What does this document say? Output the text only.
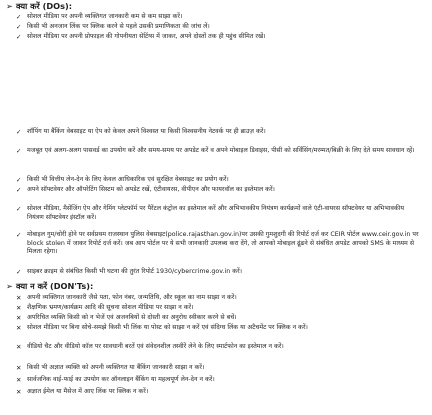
➢ क्या करें (DOs):
✓ सोशल मीडिया पर अपनी व्यक्तिगत जानकारी कम से कम साझा करें।
✓ किसी भी अनजान लिंक पर क्लिक करने से पहले उसकी प्रमाणिकता की जांच लें।
✓ सोशल मीडिया पर अपनी प्रोफाइल की गोपनीयता सेटिंग्स में जाकर, अपने दोस्तों तक ही पहुंच सीमित रखें।
✓ शॉपिंग या बैंकिंग वेबसाइट या ऐप को केवल अपने विश्वस्त या किसी विश्वसनीय नेटवर्क पर ही ब्राउज़ करें।
✓ मजबूत एवं अलग-अलग पासवर्ड का उपयोग करें और समय-समय पर अपडेट करें व अपने मोबाइल डिवाइस, पीसी को सर्विसिंग/मरम्मत/बिक्री के लिए देते समय सावधान रहें।
✓ किसी भी वित्तीय लेन-देन के लिए केवल आधिकारिक एवं सुरक्षित वेबसाइट का प्रयोग करें।
✓ अपने सॉफ्टवेयर और ऑपरेटिंग सिस्टम को अपडेट रखें, एंटीवायरस, वीपीएन और फायरवॉल का इस्तेमाल करें।
✓ सोशल मीडिया, मैसेंजिंग ऐप और गेमिंग प्लेटफॉर्म पर पैरेंटल कंट्रोल का इस्तेमाल करें और अभिभावकीय नियंत्रण कार्यक्रमों वाले एंटी-वायरस सॉफ्टवेयर या अभिभावकीय नियंत्रण सॉफ्टवेयर इंस्टॉल करें।
✓ मोबाइल गुम/चोरी होने पर सर्वप्रथम राजस्थान पुलिस वेबसाइट(police.rajasthan.gov.in)पर उसकी गुमशुदगी की रिपोर्ट दर्ज कर CEIR पोर्टल www.ceir.gov.in पर block stolen में जाकर रिपोर्ट दर्ज करें। जब आप पोर्टल पर ये सभी जानकारी उपलब्ध करा देंगे, तो आपको मोबाइल ढूंढने से संबंधित अपडेट आपको SMS के माध्यम से मिलता रहेगा।
✓ साइबर क्राइम से संबंधित किसी भी घटना की तुरंत रिपोर्ट 1930/cybercrime.gov.in करें।
➢ क्या न करें (DON'Ts):
✕ अपनी व्यक्तिगत जानकारी जैसे पता, फोन नंबर, जन्मतिथि, और स्कूल का नाम साझा न करें।
✕ शैक्षणिक भ्रमण/कार्यक्रम आदि की सूचना सोशल मीडिया पर साझा न करें।
✕ अपरिचित व्यक्ति किसी को न भेजें एवं अजनबियों से दोस्ती का अनुरोध स्वीकार करने से बचें।
✕ सोशल मीडिया पर बिना सोचे-समझे किसी भी लिंक या पोस्ट को साझा न करें एवं संदिग्ध लिंक या अटैचमेंट पर क्लिक न करें।
✕ वीडियो चैट और वीडियो कॉल पर सावधानी बरतें एवं संवेदनशील तस्वीरें लेने के लिए स्मार्टफोन का इस्तेमाल न करें।
✕ किसी भी अज्ञात व्यक्ति को अपनी व्यक्तिगत या बैंकिंग जानकारी साझा न करें।
✕ सार्वजनिक वाई-फाई का उपयोग कर ऑनलाइन बैंकिंग या महत्वपूर्ण लेन-देन न करें।
✕ अज्ञात ईमेल या मैसेज में आए लिंक पर क्लिक न करें।
